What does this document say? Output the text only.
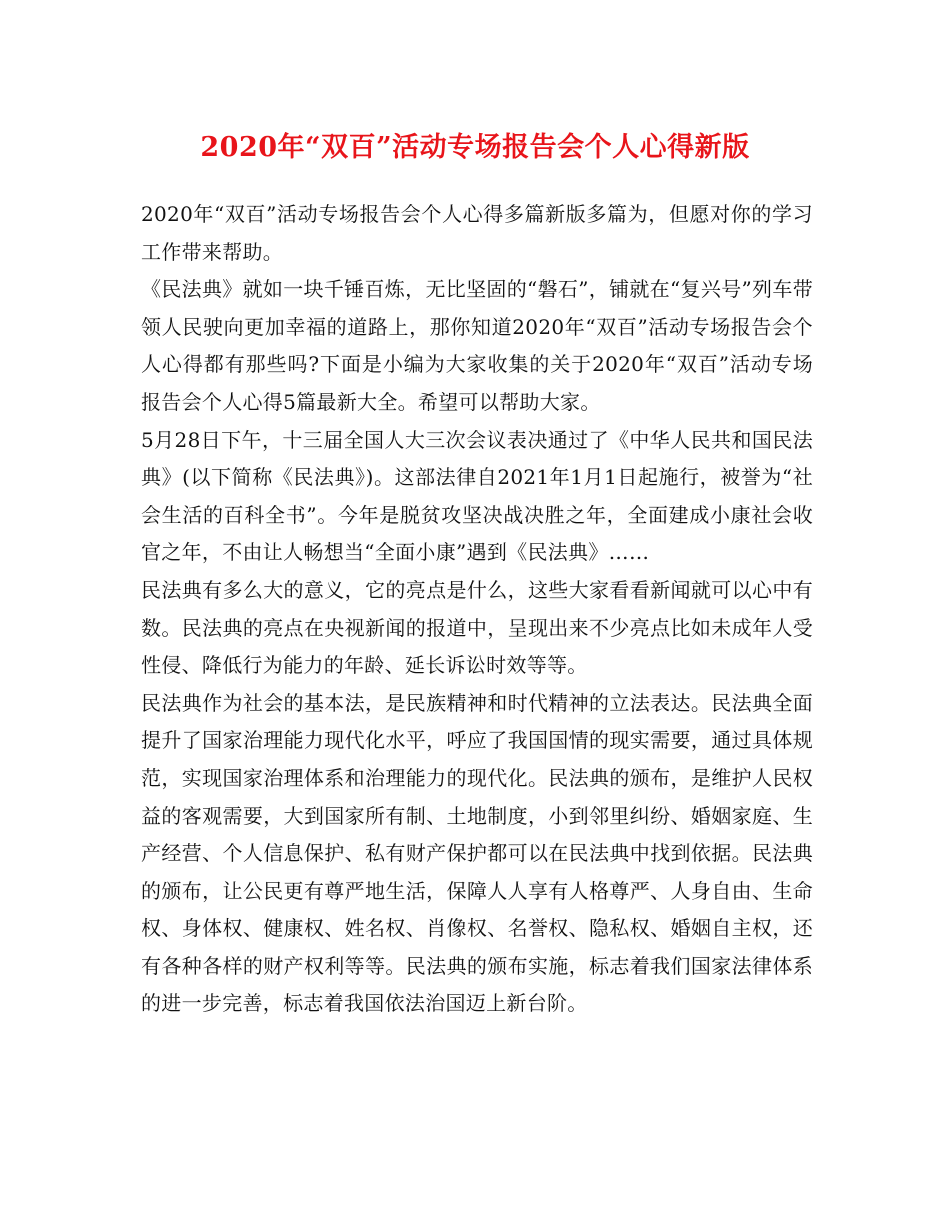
2020年“双百”活动专场报告会个人心得新版

2020年“双百”活动专场报告会个人心得多篇新版多篇为，但愿对你的学习工作带来帮助。

《民法典》就如一块千锤百炼，无比坚固的“磐石”，铺就在“复兴号”列车带领人民驶向更加幸福的道路上，那你知道2020年“双百”活动专场报告会个人心得都有那些吗?下面是小编为大家收集的关于2020年“双百”活动专场报告会个人心得5篇最新大全。希望可以帮助大家。

5月28日下午，十三届全国人大三次会议表决通过了《中华人民共和国民法典》(以下简称《民法典》)。这部法律自2021年1月1日起施行，被誉为“社会生活的百科全书”。今年是脱贫攻坚决战决胜之年，全面建成小康社会收官之年，不由让人畅想当“全面小康”遇到《民法典》……

民法典有多么大的意义，它的亮点是什么，这些大家看看新闻就可以心中有数。民法典的亮点在央视新闻的报道中，呈现出来不少亮点比如未成年人受性侵、降低行为能力的年龄、延长诉讼时效等等。

民法典作为社会的基本法，是民族精神和时代精神的立法表达。民法典全面提升了国家治理能力现代化水平，呼应了我国国情的现实需要，通过具体规范，实现国家治理体系和治理能力的现代化。民法典的颁布，是维护人民权益的客观需要，大到国家所有制、土地制度，小到邻里纠纷、婚姻家庭、生产经营、个人信息保护、私有财产保护都可以在民法典中找到依据。民法典的颁布，让公民更有尊严地生活，保障人人享有人格尊严、人身自由、生命权、身体权、健康权、姓名权、肖像权、名誉权、隐私权、婚姻自主权，还有各种各样的财产权利等等。民法典的颁布实施，标志着我们国家法律体系的进一步完善，标志着我国依法治国迈上新台阶。
